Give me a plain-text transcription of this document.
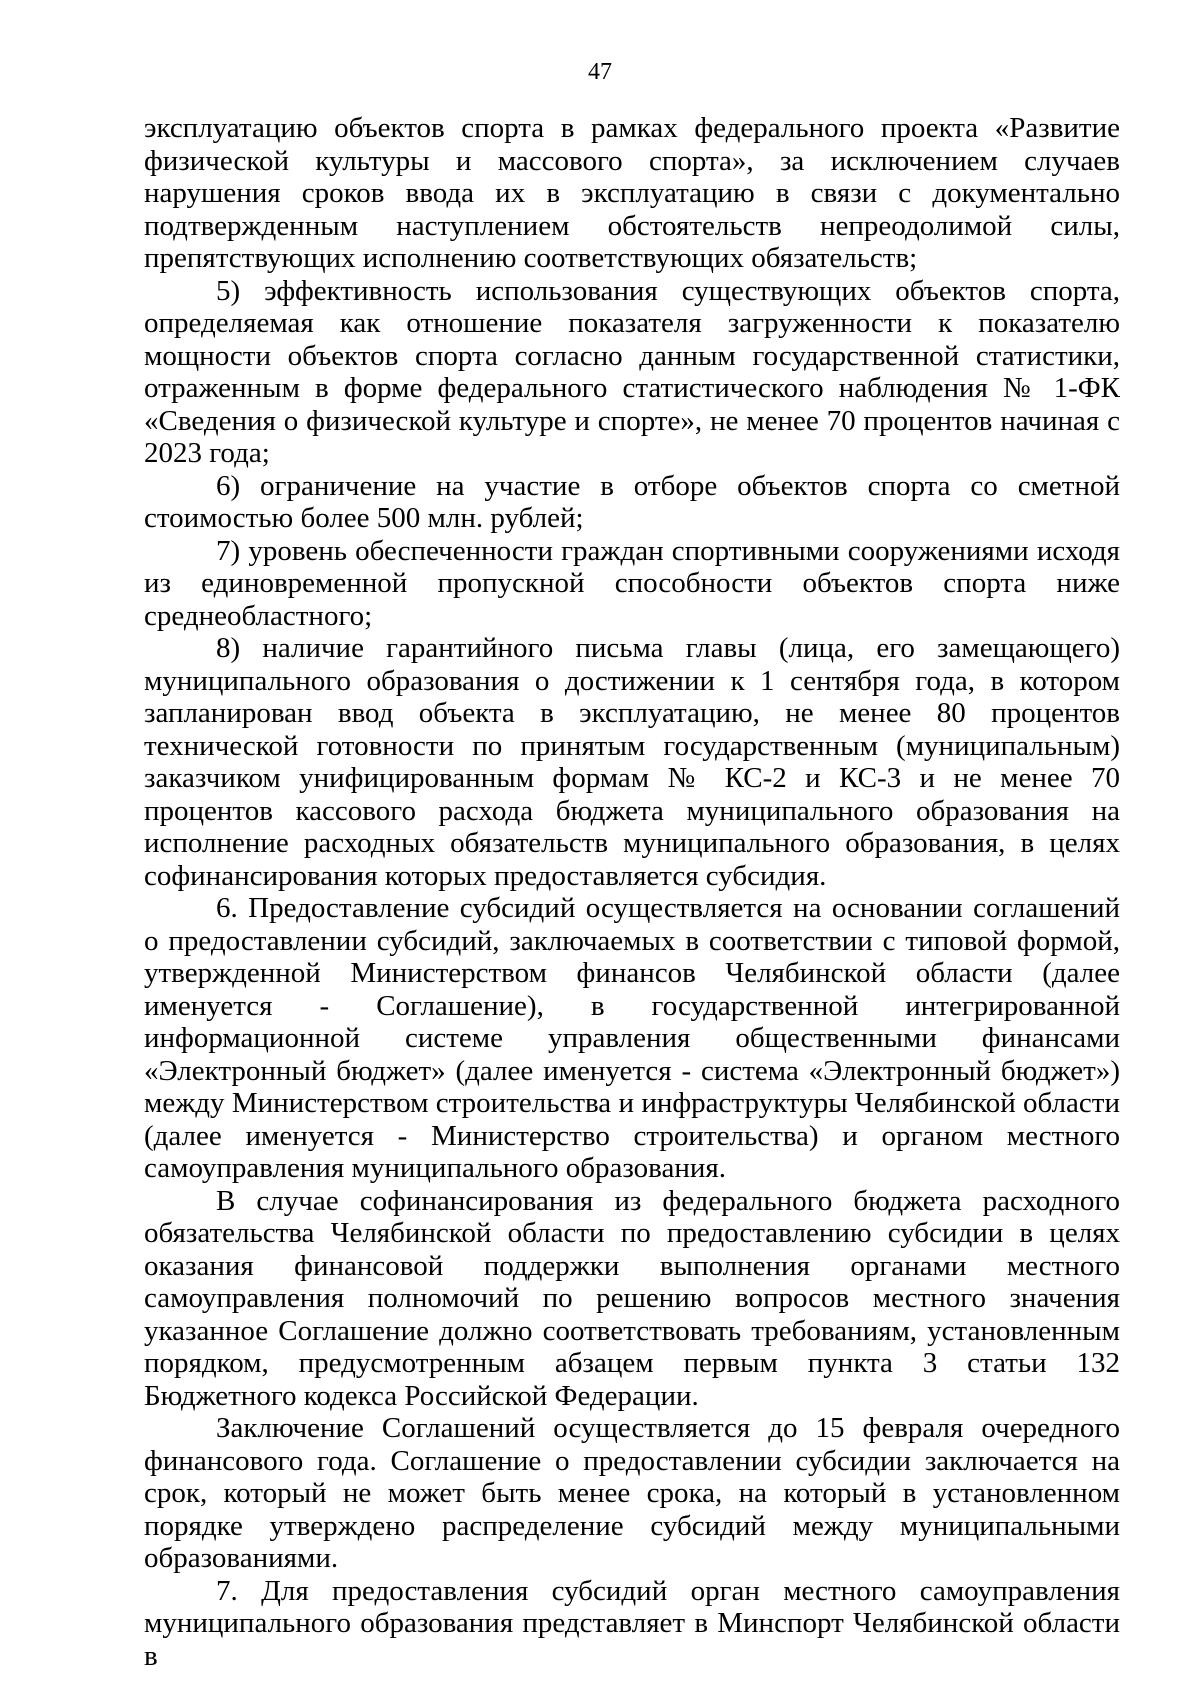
47

эксплуатацию объектов спорта в рамках федерального проекта «Развитие физической культуры и массового спорта», за исключением случаев нарушения сроков ввода их в эксплуатацию в связи с документально подтвержденным наступлением обстоятельств непреодолимой силы, препятствующих исполнению соответствующих обязательств;

5) эффективность использования существующих объектов спорта, определяемая как отношение показателя загруженности к показателю мощности объектов спорта согласно данным государственной статистики, отраженным в форме федерального статистического наблюдения № 1-ФК «Сведения о физической культуре и спорте», не менее 70 процентов начиная с 2023 года;

6) ограничение на участие в отборе объектов спорта со сметной стоимостью более 500 млн. рублей;

7) уровень обеспеченности граждан спортивными сооружениями исходя из единовременной пропускной способности объектов спорта ниже среднеобластного;

8) наличие гарантийного письма главы (лица, его замещающего) муниципального образования о достижении к 1 сентября года, в котором запланирован ввод объекта в эксплуатацию, не менее 80 процентов технической готовности по принятым государственным (муниципальным) заказчиком унифицированным формам № КС-2 и КС-3 и не менее 70 процентов кассового расхода бюджета муниципального образования на исполнение расходных обязательств муниципального образования, в целях софинансирования которых предоставляется субсидия.

6. Предоставление субсидий осуществляется на основании соглашений о предоставлении субсидий, заключаемых в соответствии с типовой формой, утвержденной Министерством финансов Челябинской области (далее именуется - Соглашение), в государственной интегрированной информационной системе управления общественными финансами «Электронный бюджет» (далее именуется - система «Электронный бюджет») между Министерством строительства и инфраструктуры Челябинской области (далее именуется - Министерство строительства) и органом местного самоуправления муниципального образования.

В случае софинансирования из федерального бюджета расходного обязательства Челябинской области по предоставлению субсидии в целях оказания финансовой поддержки выполнения органами местного самоуправления полномочий по решению вопросов местного значения указанное Соглашение должно соответствовать требованиям, установленным порядком, предусмотренным абзацем первым пункта 3 статьи 132 Бюджетного кодекса Российской Федерации.

Заключение Соглашений осуществляется до 15 февраля очередного финансового года. Соглашение о предоставлении субсидии заключается на срок, который не может быть менее срока, на который в установленном порядке утверждено распределение субсидий между муниципальными образованиями.

7. Для предоставления субсидий орган местного самоуправления муниципального образования представляет в Минспорт Челябинской области в
